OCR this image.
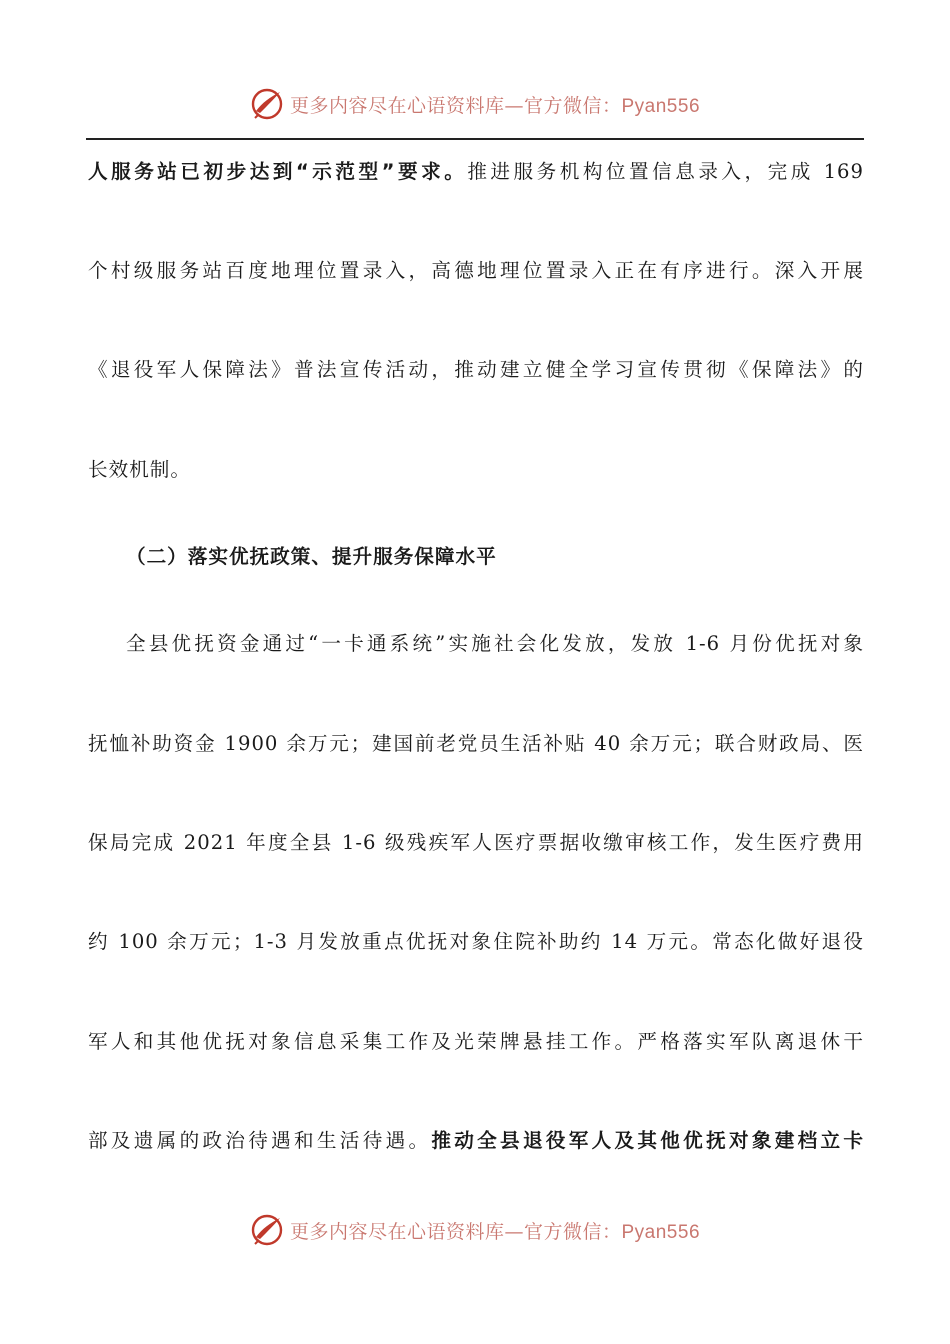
更多内容尽在心语资料库—官方微信：Pyan556
人服务站已初步达到“示范型”要求。推进服务机构位置信息录入，完成 169
个村级服务站百度地理位置录入，高德地理位置录入正在有序进行。深入开展
《退役军人保障法》普法宣传活动，推动建立健全学习宣传贯彻《保障法》的
长效机制。
（二）落实优抚政策、提升服务保障水平
全县优抚资金通过“一卡通系统”实施社会化发放，发放 1-6 月份优抚对象
抚恤补助资金 1900 余万元；建国前老党员生活补贴 40 余万元；联合财政局、医
保局完成 2021 年度全县 1-6 级残疾军人医疗票据收缴审核工作，发生医疗费用
约 100 余万元；1-3 月发放重点优抚对象住院补助约 14 万元。常态化做好退役
军人和其他优抚对象信息采集工作及光荣牌悬挂工作。严格落实军队离退休干
部及遗属的政治待遇和生活待遇。推动全县退役军人及其他优抚对象建档立卡
更多内容尽在心语资料库—官方微信：Pyan556
